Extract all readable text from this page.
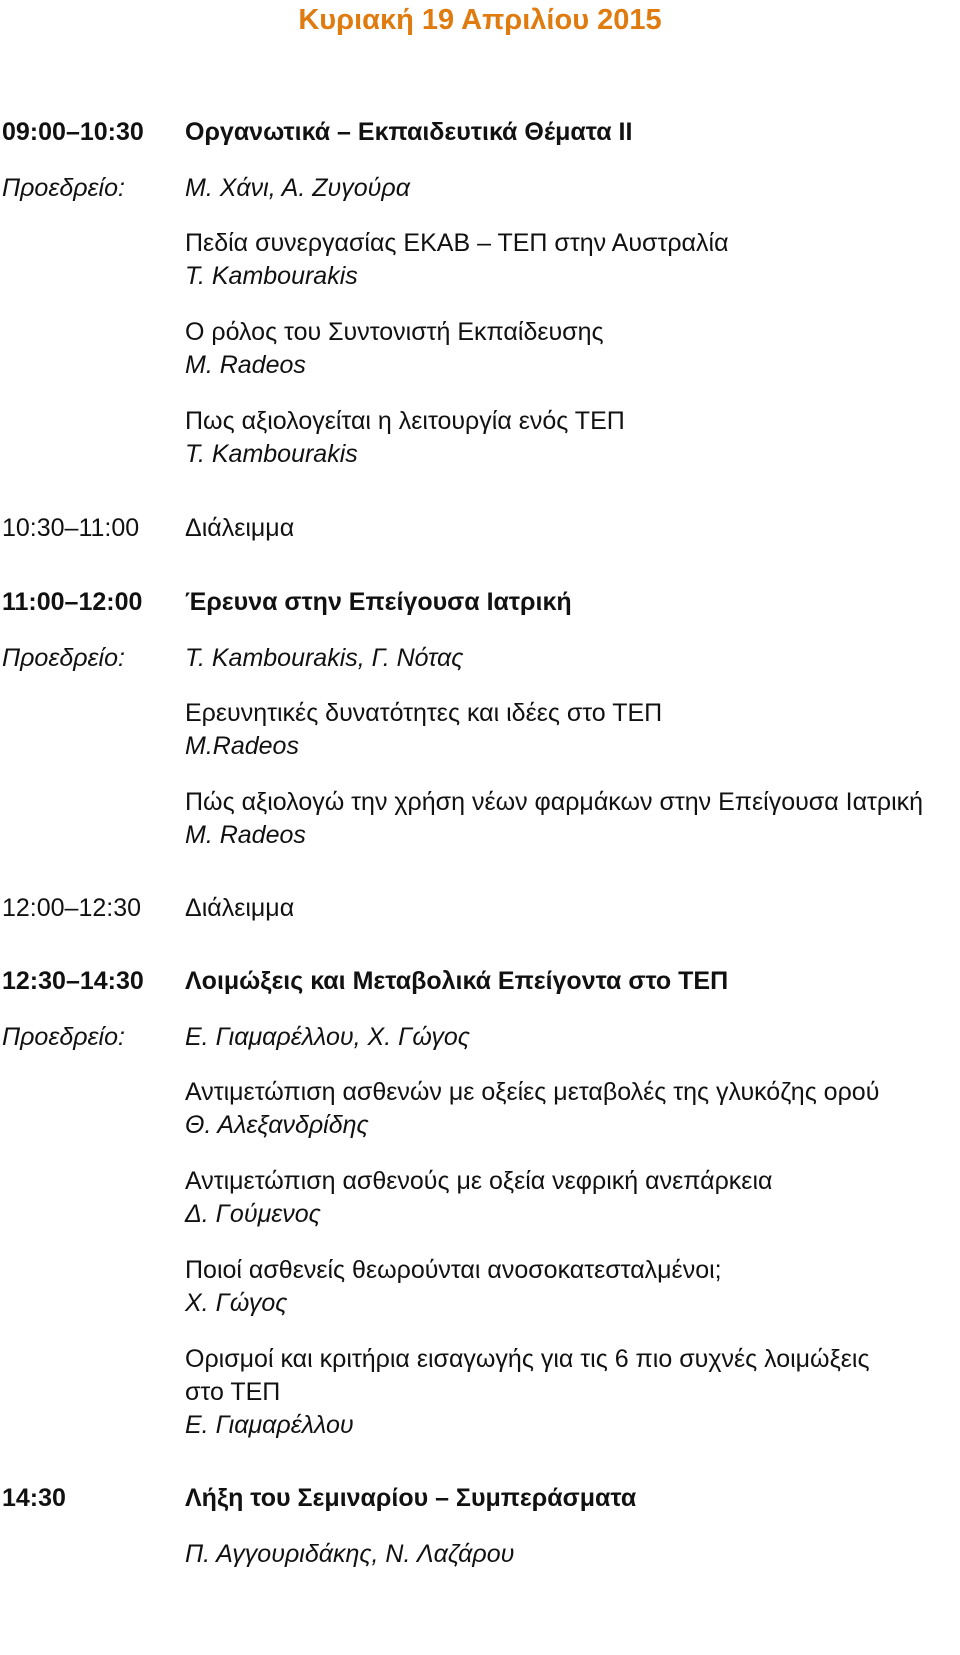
Κυριακή 19 Απριλίου 2015
09:00–10:30 Οργανωτικά – Εκπαιδευτικά Θέματα ΙΙ
Προεδρείο: Μ. Χάνι, Α. Ζυγούρα
Πεδία συνεργασίας ΕΚΑΒ – ΤΕΠ στην Αυστραλία
T. Kambourakis
Ο ρόλος του Συντονιστή Εκπαίδευσης
M. Radeos
Πως αξιολογείται η λειτουργία ενός ΤΕΠ
T. Kambourakis
10:30–11:00 Διάλειμμα
11:00–12:00 Έρευνα στην Επείγουσα Ιατρική
Προεδρείο: T. Kambourakis, Γ. Νότας
Ερευνητικές δυνατότητες και ιδέες στο ΤΕΠ
M.Radeos
Πώς αξιολογώ την χρήση νέων φαρμάκων στην Επείγουσα Ιατρική
M. Radeos
12:00–12:30 Διάλειμμα
12:30–14:30 Λοιμώξεις και Μεταβολικά Επείγοντα στο ΤΕΠ
Προεδρείο: Ε. Γιαμαρέλλου, Χ. Γώγος
Αντιμετώπιση ασθενών με οξείες μεταβολές της γλυκόζης ορού
Θ. Αλεξανδρίδης
Αντιμετώπιση ασθενούς με οξεία νεφρική ανεπάρκεια
Δ. Γούμενος
Ποιοί ασθενείς θεωρούνται ανοσοκατεσταλμένοι;
Χ. Γώγος
Ορισμοί και κριτήρια εισαγωγής για τις 6 πιο συχνές λοιμώξεις
στο ΤΕΠ
Ε. Γιαμαρέλλου
14:30	Λήξη του Σεμιναρίου – Συμπεράσματα
Π. Αγγουριδάκης, Ν. Λαζάρου
